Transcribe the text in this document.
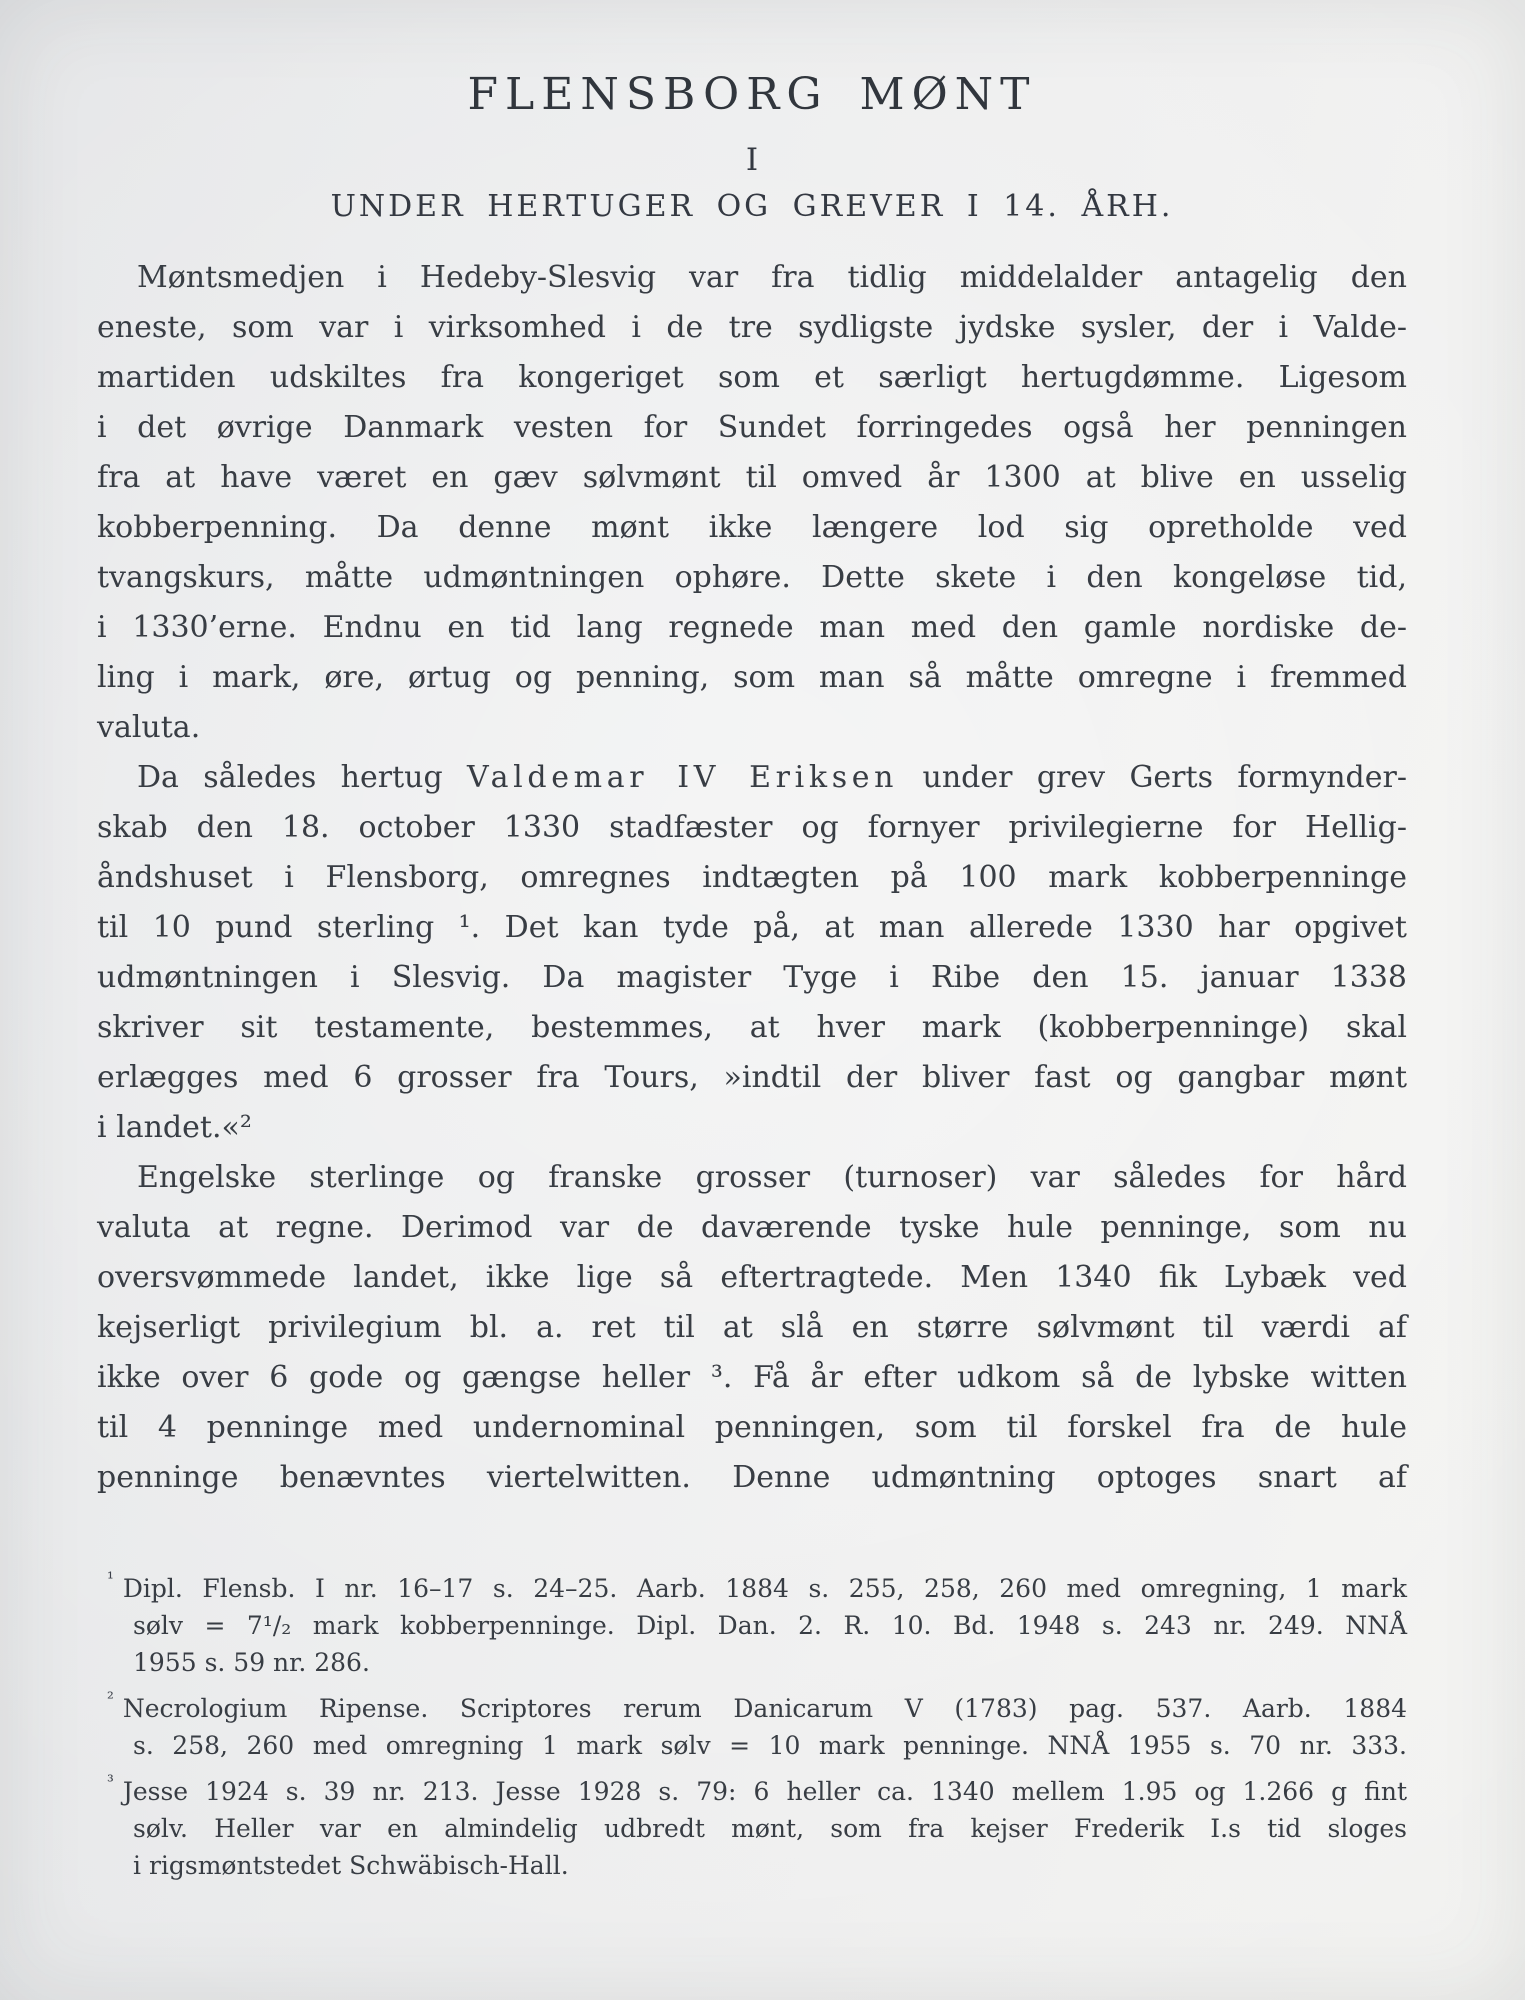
FLENSBORG MØNT
I
UNDER HERTUGER OG GREVER I 14. ÅRH.
Møntsmedjen i Hedeby-Slesvig var fra tidlig middelalder antagelig den
eneste, som var i virksomhed i de tre sydligste jydske sysler, der i Valde-
martiden udskiltes fra kongeriget som et særligt hertugdømme. Ligesom
i det øvrige Danmark vesten for Sundet forringedes også her penningen
fra at have været en gæv sølvmønt til omved år 1300 at blive en usselig
kobberpenning. Da denne mønt ikke længere lod sig opretholde ved
tvangskurs, måtte udmøntningen ophøre. Dette skete i den kongeløse tid,
i 1330’erne. Endnu en tid lang regnede man med den gamle nordiske de-
ling i mark, øre, ørtug og penning, som man så måtte omregne i fremmed
valuta.
Da således hertug Valdemar IV Eriksen under grev Gerts formynder-
skab den 18. october 1330 stadfæster og fornyer privilegierne for Hellig-
åndshuset i Flensborg, omregnes indtægten på 100 mark kobberpenninge
til 10 pund sterling ¹. Det kan tyde på, at man allerede 1330 har opgivet
udmøntningen i Slesvig. Da magister Tyge i Ribe den 15. januar 1338
skriver sit testamente, bestemmes, at hver mark (kobberpenninge) skal
erlægges med 6 grosser fra Tours, »indtil der bliver fast og gangbar mønt
i landet.«²
Engelske sterlinge og franske grosser (turnoser) var således for hård
valuta at regne. Derimod var de daværende tyske hule penninge, som nu
oversvømmede landet, ikke lige så eftertragtede. Men 1340 fik Lybæk ved
kejserligt privilegium bl. a. ret til at slå en større sølvmønt til værdi af
ikke over 6 gode og gængse heller ³. Få år efter udkom så de lybske witten
til 4 penninge med undernominal penningen, som til forskel fra de hule
penninge benævntes viertelwitten. Denne udmøntning optoges snart af
$^{^1}$ Dipl. Flensb. I nr. 16–17 s. 24–25. Aarb. 1884 s. 255, 258, 260 med omregning, 1 mark
sølv = 7¹/₂ mark kobberpenninge. Dipl. Dan. 2. R. 10. Bd. 1948 s. 243 nr. 249. NNÅ
1955 s. 59 nr. 286.
$^{^2}$ Necrologium Ripense. Scriptores rerum Danicarum V (1783) pag. 537. Aarb. 1884
s. 258, 260 med omregning 1 mark sølv = 10 mark penninge. NNÅ 1955 s. 70 nr. 333.
$^{^3}$ Jesse 1924 s. 39 nr. 213. Jesse 1928 s. 79: 6 heller ca. 1340 mellem 1.95 og 1.266 g fint
sølv. Heller var en almindelig udbredt mønt, som fra kejser Frederik I.s tid sloges
i rigsmøntstedet Schwäbisch-Hall.
